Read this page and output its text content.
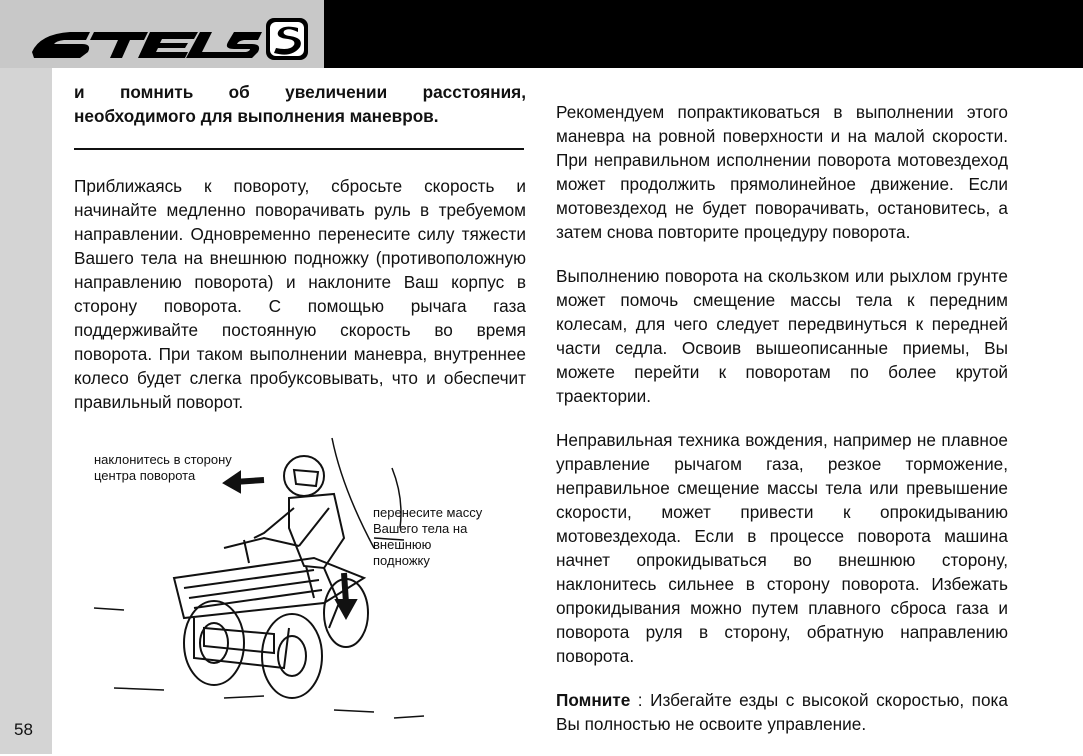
STELS
58

и помнить об увеличении расстояния, необходимого для выполнения маневров.

Приближаясь к повороту, сбросьте скорость и начинайте медленно поворачивать руль в требуемом направлении. Одновременно перенесите силу тяжести Вашего тела на внешнюю подножку (противоположную направлению поворота) и наклоните Ваш корпус в сторону поворота. С помощью рычага газа поддерживайте постоянную скорость во время поворота. При таком выполнении маневра, внутреннее колесо будет слегка пробуксовывать, что и обеспечит правильный поворот.

наклонитесь в сторону
центра поворота
перенесите массу
Вашего тела на
внешнюю
подножку

Рекомендуем попрактиковаться в выполнении этого маневра на ровной поверхности и на малой скорости. При неправильном исполнении поворота мотовездеход может продолжить прямолинейное движение. Если мотовездеход не будет поворачивать, остановитесь, а затем снова повторите процедуру поворота.

Выполнению поворота на скользком или рыхлом грунте может помочь смещение массы тела к передним колесам, для чего следует передвинуться к передней части седла. Освоив вышеописанные приемы, Вы можете перейти к поворотам по более крутой траектории.

Неправильная техника вождения, например не плавное управление рычагом газа, резкое торможение, неправильное смещение массы тела или превышение скорости, может привести к опрокидыванию мотовездехода. Если в процессе поворота машина начнет опрокидываться во внешнюю сторону, наклонитесь сильнее в сторону поворота. Избежать опрокидывания можно путем плавного сброса газа и поворота руля в сторону, обратную направлению поворота.

Помните : Избегайте езды с высокой скоростью, пока Вы полностью не освоите управление.
